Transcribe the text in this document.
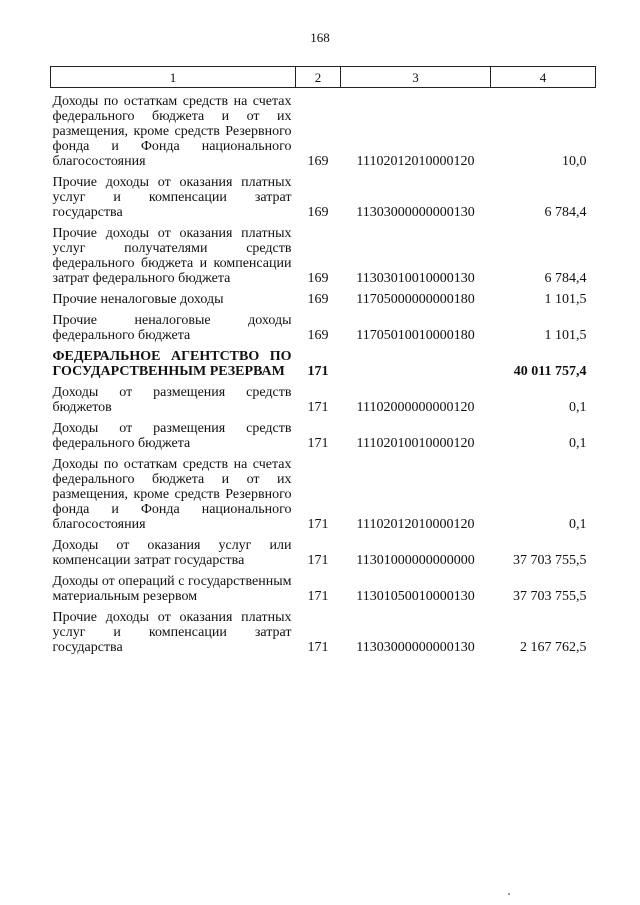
168
1	2	3	4
Доходы по остаткам средств на счетах федерального бюджета и от их размещения, кроме средств Резервного фонда и Фонда национального благосостояния	169	11102012010000120	10,0
Прочие доходы от оказания платных услуг и компенсации затрат государства	169	11303000000000130	6 784,4
Прочие доходы от оказания платных услуг получателями средств федерального бюджета и компенсации затрат федерального бюджета	169	11303010010000130	6 784,4
Прочие неналоговые доходы	169	11705000000000180	1 101,5
Прочие неналоговые доходы федерального бюджета	169	11705010010000180	1 101,5
ФЕДЕРАЛЬНОЕ АГЕНТСТВО ПО ГОСУДАРСТВЕННЫМ РЕЗЕРВАМ	171		40 011 757,4
Доходы от размещения средств бюджетов	171	11102000000000120	0,1
Доходы от размещения средств федерального бюджета	171	11102010010000120	0,1
Доходы по остаткам средств на счетах федерального бюджета и от их размещения, кроме средств Резервного фонда и Фонда национального благосостояния	171	11102012010000120	0,1
Доходы от оказания услуг или компенсации затрат государства	171	11301000000000000	37 703 755,5
Доходы от операций с государственным материальным резервом	171	11301050010000130	37 703 755,5
Прочие доходы от оказания платных услуг и компенсации затрат государства	171	11303000000000130	2 167 762,5
